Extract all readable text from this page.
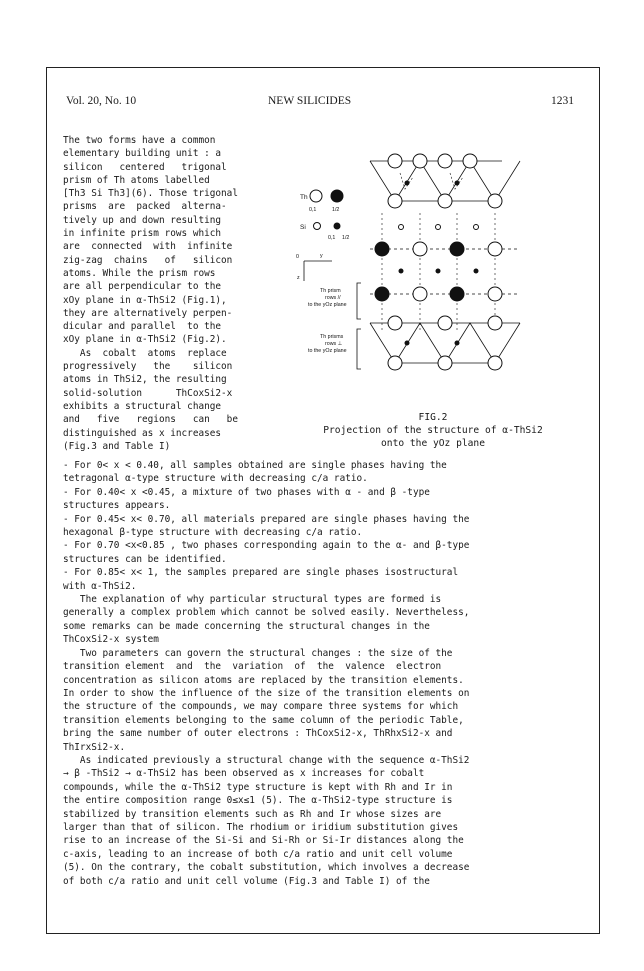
Vol. 20, No. 10	NEW SILICIDES	1231

The two forms have a common

elementary building unit : a

silicon   centered   trigonal

prism of Th atoms labelled

[Th3 Si Th3](6). Those trigonal

prisms  are  packed  alterna-

tively up and down resulting

in infinite prism rows which

are  connected  with  infinite

zig-zag  chains   of   silicon

atoms. While the prism rows

are all perpendicular to the

xOy plane in α-ThSi2 (Fig.1),

they are alternatively perpen-

dicular and parallel  to the

xOy plane in α-ThSi2 (Fig.2).

As  cobalt  atoms  replace

progressively   the    silicon

atoms in ThSi2, the resulting

solid-solution      ThCoxSi2-x

exhibits a structural change

and   five   regions   can   be

distinguished as x increases

(Fig.3 and Table I)

Th
0,1	1/2
Si
0,1 1/2
0	y
z
Th prism
rows //
to the yOz plane
Th prisms
rows ⊥
to the yOz plane
FIG.2
Projection of the structure of α-ThSi2
onto the yOz plane

- For 0< x < 0.40, all samples obtained are single phases having the

tetragonal α-type structure with decreasing c/a ratio.

- For 0.40< x <0.45, a mixture of two phases with α - and β -type

structures appears.

- For 0.45< x< 0.70, all materials prepared are single phases having the

hexagonal β-type structure with decreasing c/a ratio.

- For 0.70 <x<0.85 , two phases corresponding again to the α- and β-type

structures can be identified.

- For 0.85< x< 1, the samples prepared are single phases isostructural

with α-ThSi2.

The explanation of why particular structural types are formed is

generally a complex problem which cannot be solved easily. Nevertheless,

some remarks can be made concerning the structural changes in the

ThCoxSi2-x system

Two parameters can govern the structural changes : the size of the

transition element  and  the  variation  of  the  valence  electron

concentration as silicon atoms are replaced by the transition elements.

In order to show the influence of the size of the transition elements on

the structure of the compounds, we may compare three systems for which

transition elements belonging to the same column of the periodic Table,

bring the same number of outer electrons : ThCoxSi2-x, ThRhxSi2-x and

ThIrxSi2-x.

As indicated previously a structural change with the sequence α-ThSi2

→ β -ThSi2 → α-ThSi2 has been observed as x increases for cobalt

compounds, while the α-ThSi2 type structure is kept with Rh and Ir in

the entire composition range 0≤x≤1 (5). The α-ThSi2-type structure is

stabilized by transition elements such as Rh and Ir whose sizes are

larger than that of silicon. The rhodium or iridium substitution gives

rise to an increase of the Si-Si and Si-Rh or Si-Ir distances along the

c-axis, leading to an increase of both c/a ratio and unit cell volume

(5). On the contrary, the cobalt substitution, which involves a decrease

of both c/a ratio and unit cell volume (Fig.3 and Table I) of the
